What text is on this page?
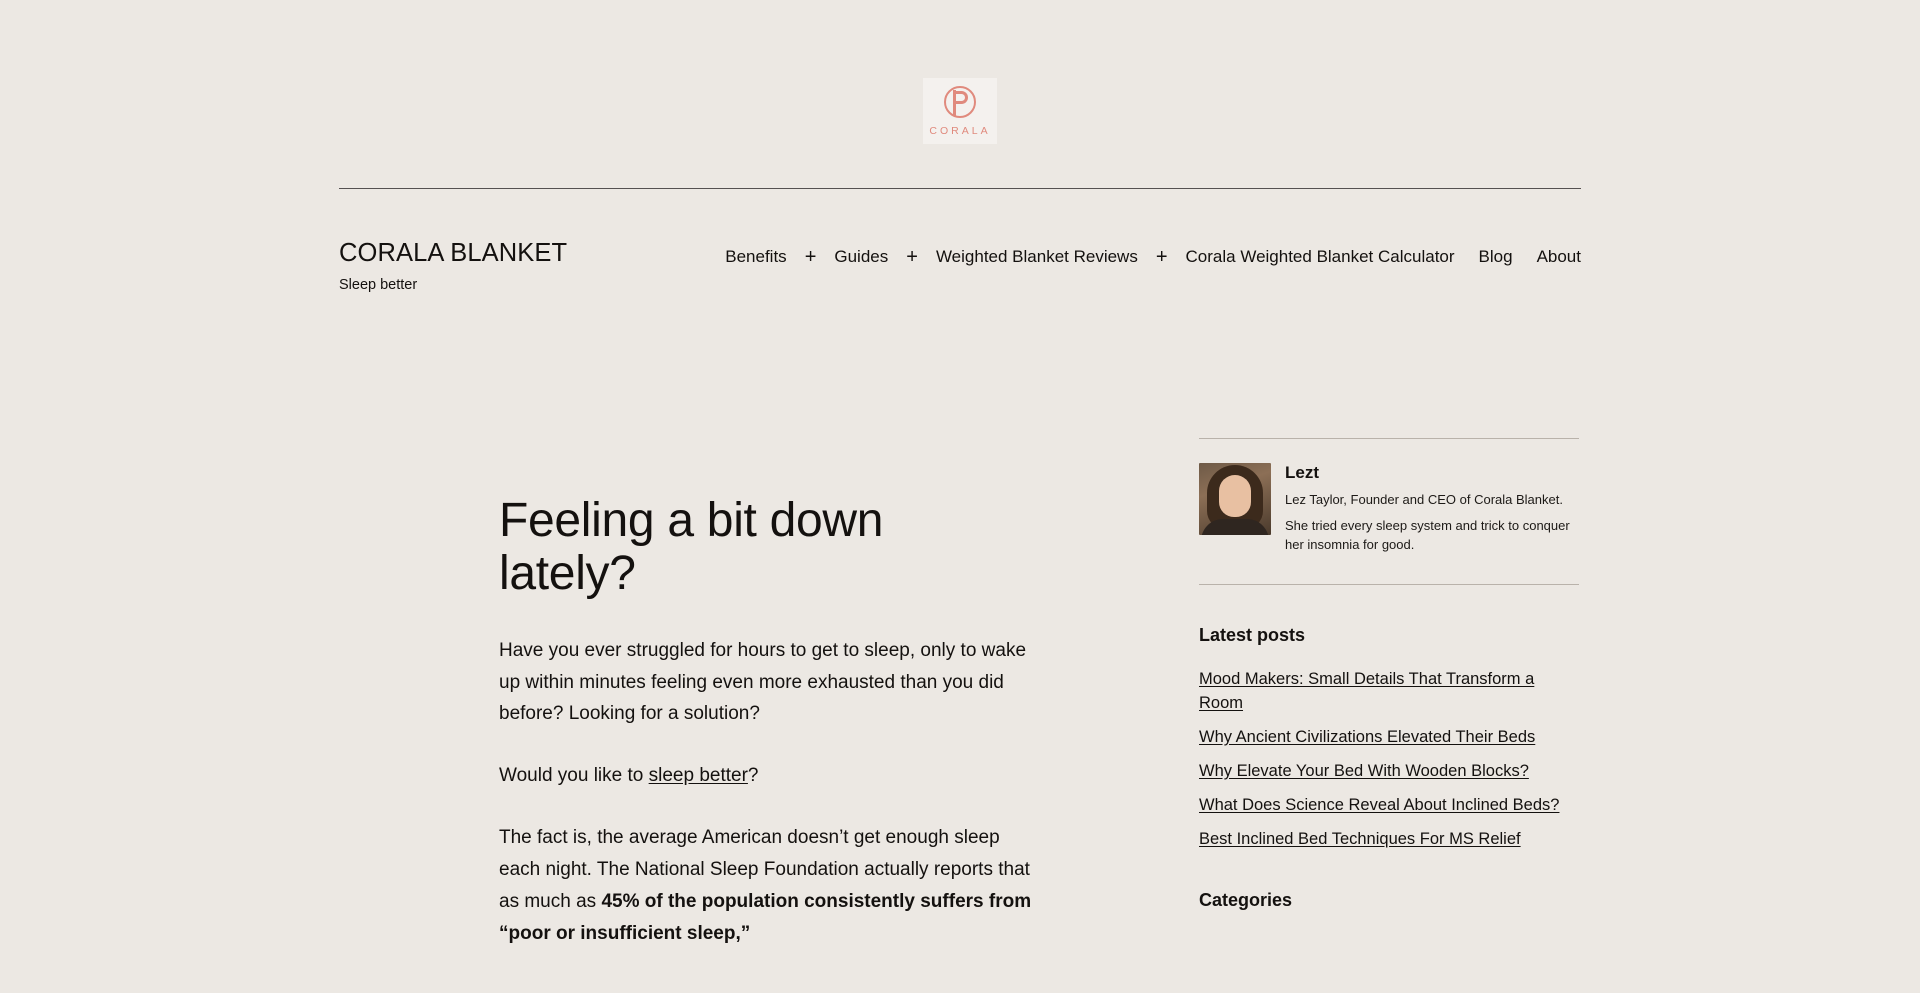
CORALA
CORALA BLANKET
Sleep better
Benefits +	Guides +	Weighted Blanket Reviews +	Corala Weighted Blanket Calculator	Blog	About
Feeling a bit down lately?

Have you ever struggled for hours to get to sleep, only to wake up within minutes feeling even more exhausted than you did before? Looking for a solution?

Would you like to sleep better?

The fact is, the average American doesn’t get enough sleep each night. The National Sleep Foundation actually reports that as much as 45% of the population consistently suffers from “poor or insufficient sleep,”

Lezt
Lez Taylor, Founder and CEO of Corala Blanket.
She tried every sleep system and trick to conquer her insomnia for good.
Latest posts
Mood Makers: Small Details That Transform a Room
Why Ancient Civilizations Elevated Their Beds
Why Elevate Your Bed With Wooden Blocks?
What Does Science Reveal About Inclined Beds?
Best Inclined Bed Techniques For MS Relief
Categories
